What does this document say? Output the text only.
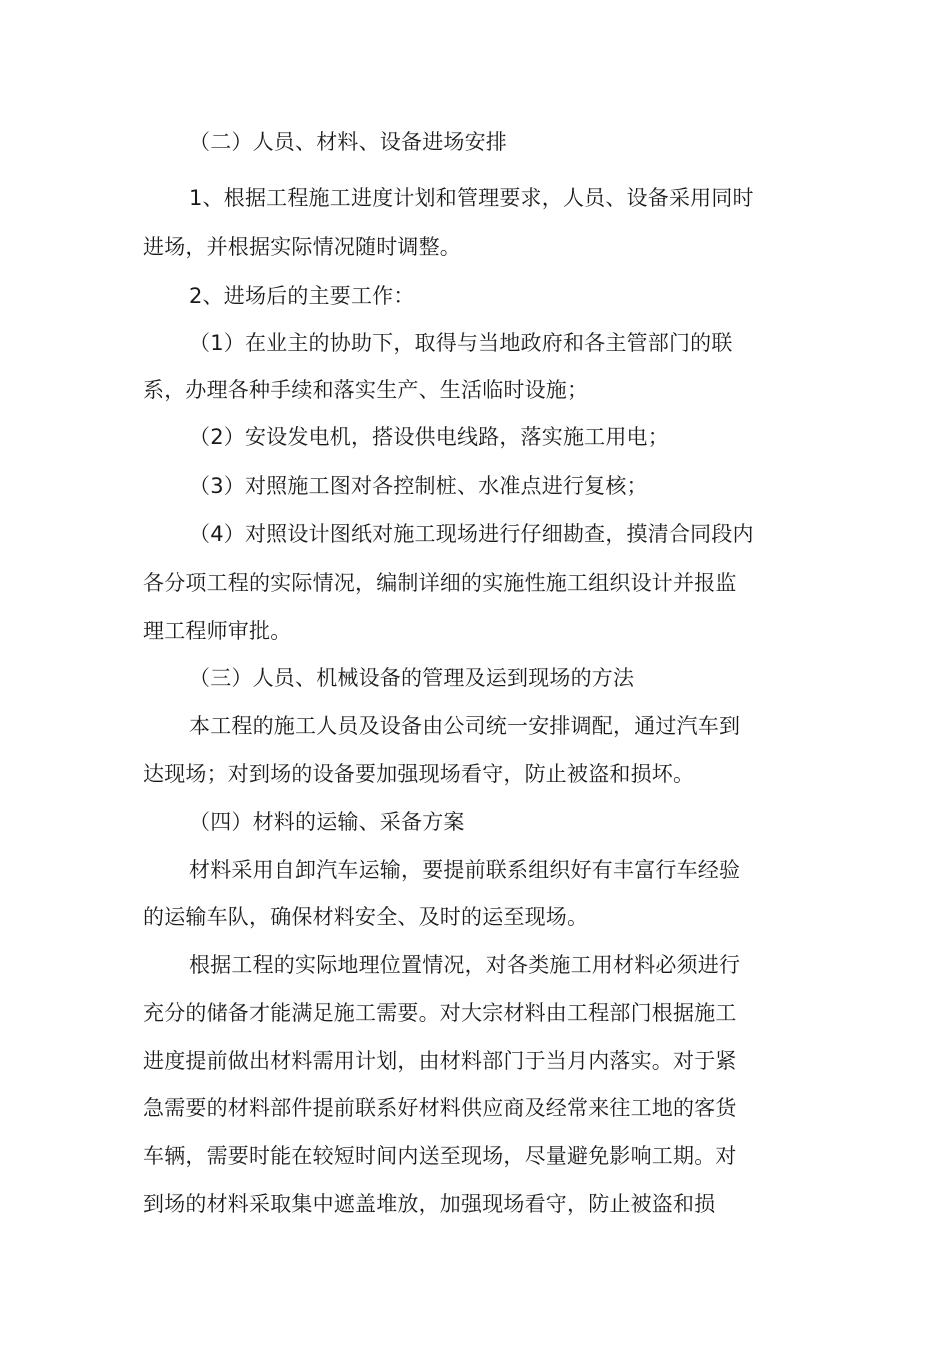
（二）人员、材料、设备进场安排
1、根据工程施工进度计划和管理要求，人员、设备采用同时
进场，并根据实际情况随时调整。
2、进场后的主要工作：
（1）在业主的协助下，取得与当地政府和各主管部门的联
系，办理各种手续和落实生产、生活临时设施；
（2）安设发电机，搭设供电线路，落实施工用电；
（3）对照施工图对各控制桩、水准点进行复核；
（4）对照设计图纸对施工现场进行仔细勘查，摸清合同段内
各分项工程的实际情况，编制详细的实施性施工组织设计并报监
理工程师审批。
（三）人员、机械设备的管理及运到现场的方法
本工程的施工人员及设备由公司统一安排调配，通过汽车到
达现场；对到场的设备要加强现场看守，防止被盗和损坏。
（四）材料的运输、采备方案
材料采用自卸汽车运输，要提前联系组织好有丰富行车经验
的运输车队，确保材料安全、及时的运至现场。
根据工程的实际地理位置情况，对各类施工用材料必须进行
充分的储备才能满足施工需要。对大宗材料由工程部门根据施工
进度提前做出材料需用计划，由材料部门于当月内落实。对于紧
急需要的材料部件提前联系好材料供应商及经常来往工地的客货
车辆，需要时能在较短时间内送至现场，尽量避免影响工期。对
到场的材料采取集中遮盖堆放，加强现场看守，防止被盗和损
